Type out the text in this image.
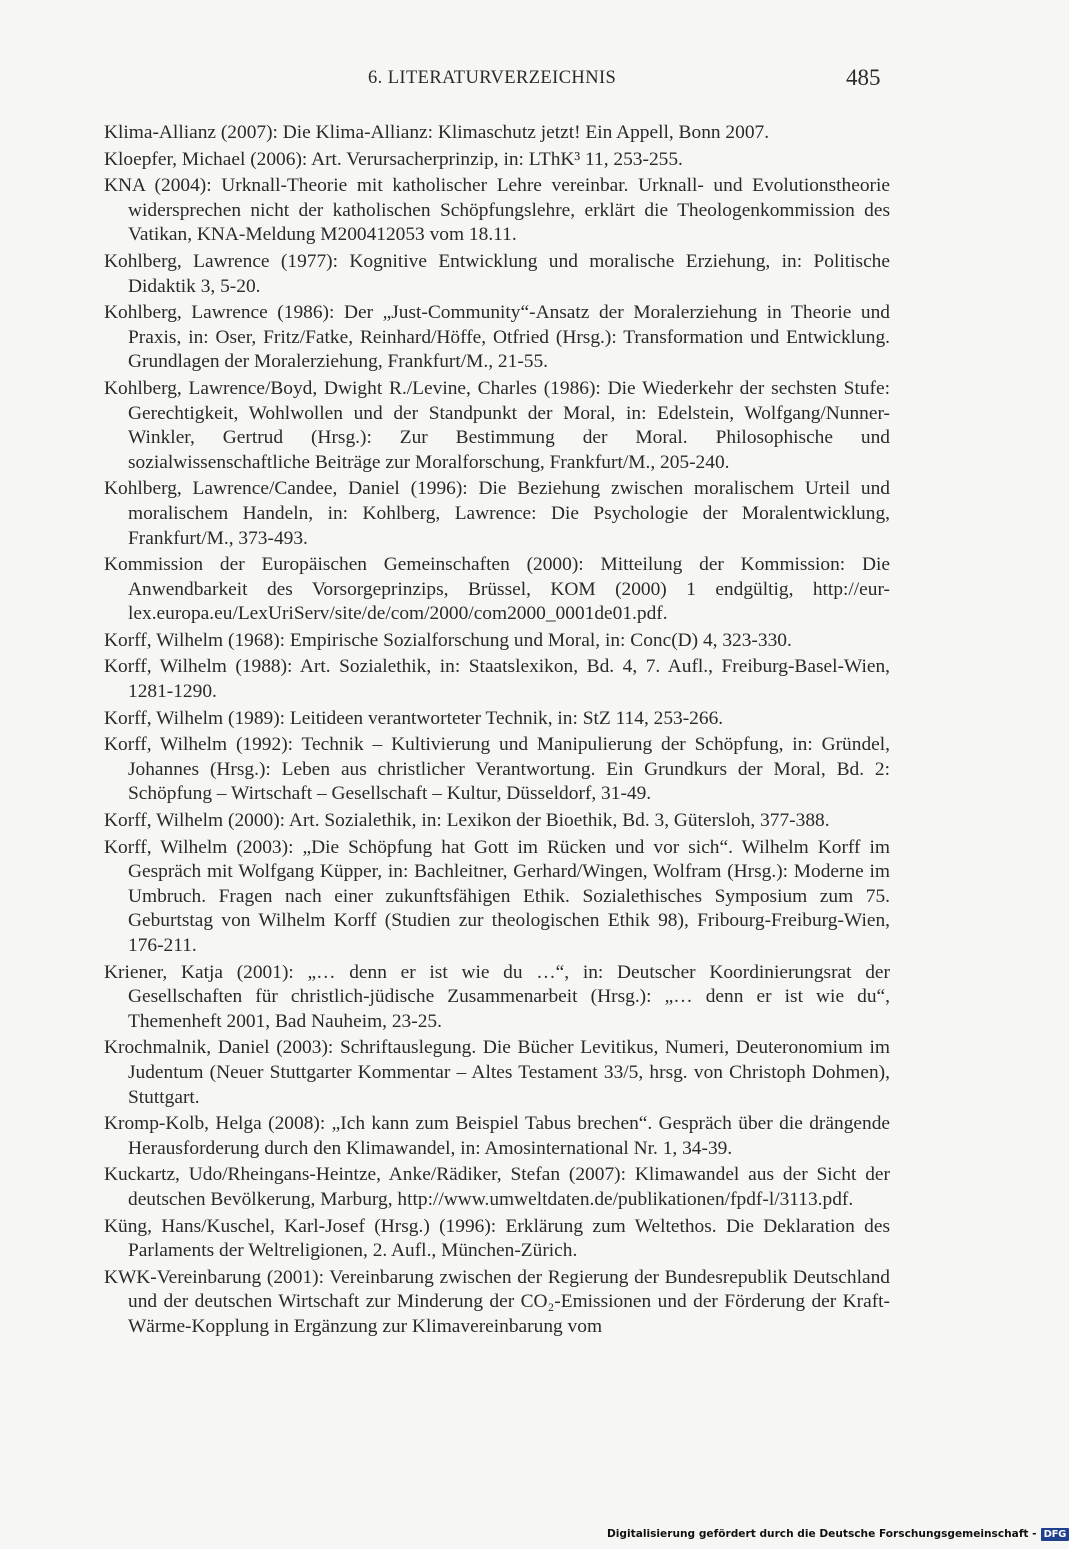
6. LITERATURVERZEICHNIS	485
Klima-Allianz (2007): Die Klima-Allianz: Klimaschutz jetzt! Ein Appell, Bonn 2007.
Kloepfer, Michael (2006): Art. Verursacherprinzip, in: LThK³ 11, 253-255.
KNA (2004): Urknall-Theorie mit katholischer Lehre vereinbar. Urknall- und Evolutionstheorie widersprechen nicht der katholischen Schöpfungslehre, erklärt die Theologenkommission des Vatikan, KNA-Meldung M200412053 vom 18.11.
Kohlberg, Lawrence (1977): Kognitive Entwicklung und moralische Erziehung, in: Politische Didaktik 3, 5-20.
Kohlberg, Lawrence (1986): Der „Just-Community“-Ansatz der Moralerziehung in Theorie und Praxis, in: Oser, Fritz/Fatke, Reinhard/Höffe, Otfried (Hrsg.): Transformation und Entwicklung. Grundlagen der Moralerziehung, Frankfurt/M., 21-55.
Kohlberg, Lawrence/Boyd, Dwight R./Levine, Charles (1986): Die Wiederkehr der sechsten Stufe: Gerechtigkeit, Wohlwollen und der Standpunkt der Moral, in: Edelstein, Wolfgang/Nunner-Winkler, Gertrud (Hrsg.): Zur Bestimmung der Moral. Philosophische und sozialwissenschaftliche Beiträge zur Moralforschung, Frankfurt/M., 205-240.
Kohlberg, Lawrence/Candee, Daniel (1996): Die Beziehung zwischen moralischem Urteil und moralischem Handeln, in: Kohlberg, Lawrence: Die Psychologie der Moralentwicklung, Frankfurt/M., 373-493.
Kommission der Europäischen Gemeinschaften (2000): Mitteilung der Kommission: Die Anwendbarkeit des Vorsorgeprinzips, Brüssel, KOM (2000) 1 endgültig, http://eur-lex.europa.eu/LexUriServ/site/de/com/2000/com2000_0001de01.pdf.
Korff, Wilhelm (1968): Empirische Sozialforschung und Moral, in: Conc(D) 4, 323-330.
Korff, Wilhelm (1988): Art. Sozialethik, in: Staatslexikon, Bd. 4, 7. Aufl., Freiburg-Basel-Wien, 1281-1290.
Korff, Wilhelm (1989): Leitideen verantworteter Technik, in: StZ 114, 253-266.
Korff, Wilhelm (1992): Technik – Kultivierung und Manipulierung der Schöpfung, in: Gründel, Johannes (Hrsg.): Leben aus christlicher Verantwortung. Ein Grundkurs der Moral, Bd. 2: Schöpfung – Wirtschaft – Gesellschaft – Kultur, Düsseldorf, 31-49.
Korff, Wilhelm (2000): Art. Sozialethik, in: Lexikon der Bioethik, Bd. 3, Gütersloh, 377-388.
Korff, Wilhelm (2003): „Die Schöpfung hat Gott im Rücken und vor sich“. Wilhelm Korff im Gespräch mit Wolfgang Küpper, in: Bachleitner, Gerhard/Wingen, Wolfram (Hrsg.): Moderne im Umbruch. Fragen nach einer zukunftsfähigen Ethik. Sozialethisches Symposium zum 75. Geburtstag von Wilhelm Korff (Studien zur theologischen Ethik 98), Fribourg-Freiburg-Wien, 176-211.
Kriener, Katja (2001): „… denn er ist wie du …“, in: Deutscher Koordinierungsrat der Gesellschaften für christlich-jüdische Zusammenarbeit (Hrsg.): „… denn er ist wie du“, Themenheft 2001, Bad Nauheim, 23-25.
Krochmalnik, Daniel (2003): Schriftauslegung. Die Bücher Levitikus, Numeri, Deuteronomium im Judentum (Neuer Stuttgarter Kommentar – Altes Testament 33/5, hrsg. von Christoph Dohmen), Stuttgart.
Kromp-Kolb, Helga (2008): „Ich kann zum Beispiel Tabus brechen“. Gespräch über die drängende Herausforderung durch den Klimawandel, in: Amosinternational Nr. 1, 34-39.
Kuckartz, Udo/Rheingans-Heintze, Anke/Rädiker, Stefan (2007): Klimawandel aus der Sicht der deutschen Bevölkerung, Marburg, http://www.umweltdaten.de/publikationen/fpdf-l/3113.pdf.
Küng, Hans/Kuschel, Karl-Josef (Hrsg.) (1996): Erklärung zum Weltethos. Die Deklaration des Parlaments der Weltreligionen, 2. Aufl., München-Zürich.
KWK-Vereinbarung (2001): Vereinbarung zwischen der Regierung der Bundesrepublik Deutschland und der deutschen Wirtschaft zur Minderung der CO₂-Emissionen und der Förderung der Kraft-Wärme-Kopplung in Ergänzung zur Klimavereinbarung vom
Digitalisierung gefördert durch die Deutsche Forschungsgemeinschaft - DFG
